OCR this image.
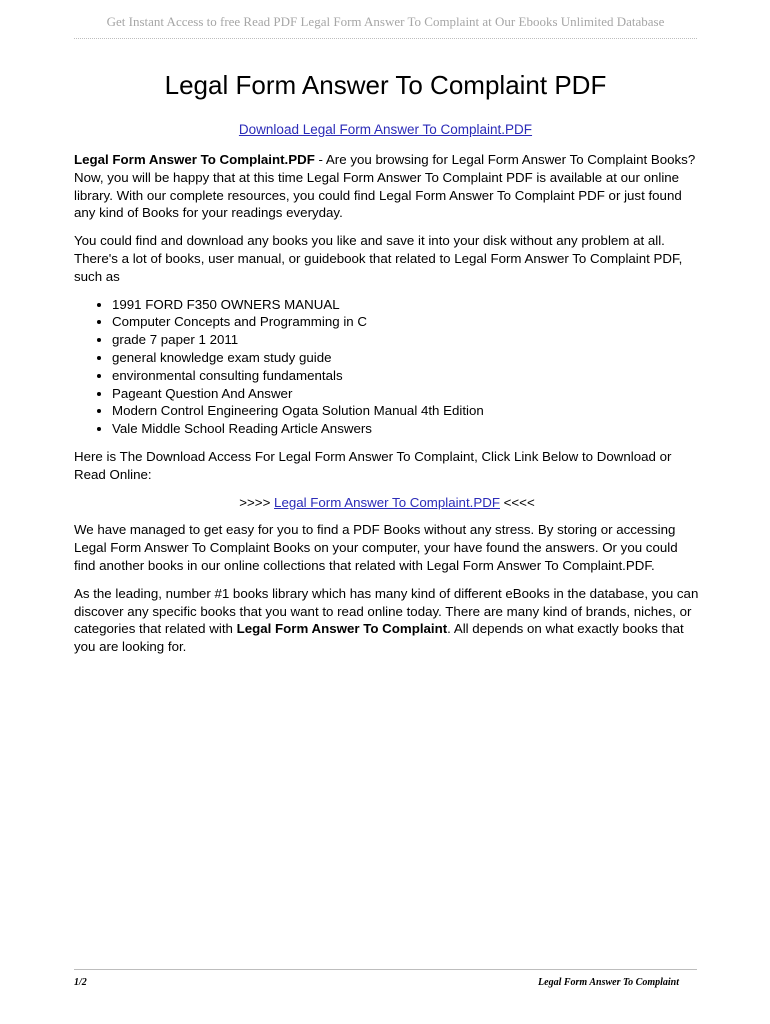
Get Instant Access to free Read PDF Legal Form Answer To Complaint at Our Ebooks Unlimited Database
Legal Form Answer To Complaint PDF
Download Legal Form Answer To Complaint.PDF

Legal Form Answer To Complaint.PDF - Are you browsing for Legal Form Answer To Complaint Books? Now, you will be happy that at this time Legal Form Answer To Complaint PDF is available at our online library. With our complete resources, you could find Legal Form Answer To Complaint PDF or just found any kind of Books for your readings everyday.

You could find and download any books you like and save it into your disk without any problem at all. There's a lot of books, user manual, or guidebook that related to Legal Form Answer To Complaint PDF, such as

• 1991 FORD F350 OWNERS MANUAL
• Computer Concepts and Programming in C
• grade 7 paper 1 2011
• general knowledge exam study guide
• environmental consulting fundamentals
• Pageant Question And Answer
• Modern Control Engineering Ogata Solution Manual 4th Edition
• Vale Middle School Reading Article Answers

Here is The Download Access For Legal Form Answer To Complaint, Click Link Below to Download or Read Online:

>>>> Legal Form Answer To Complaint.PDF <<<<

We have managed to get easy for you to find a PDF Books without any stress. By storing or accessing Legal Form Answer To Complaint Books on your computer, your have found the answers. Or you could find another books in our online collections that related with Legal Form Answer To Complaint.PDF.

As the leading, number #1 books library which has many kind of different eBooks in the database, you can discover any specific books that you want to read online today. There are many kind of brands, niches, or categories that related with Legal Form Answer To Complaint. All depends on what exactly books that you are looking for.

1/2	Legal Form Answer To Complaint
